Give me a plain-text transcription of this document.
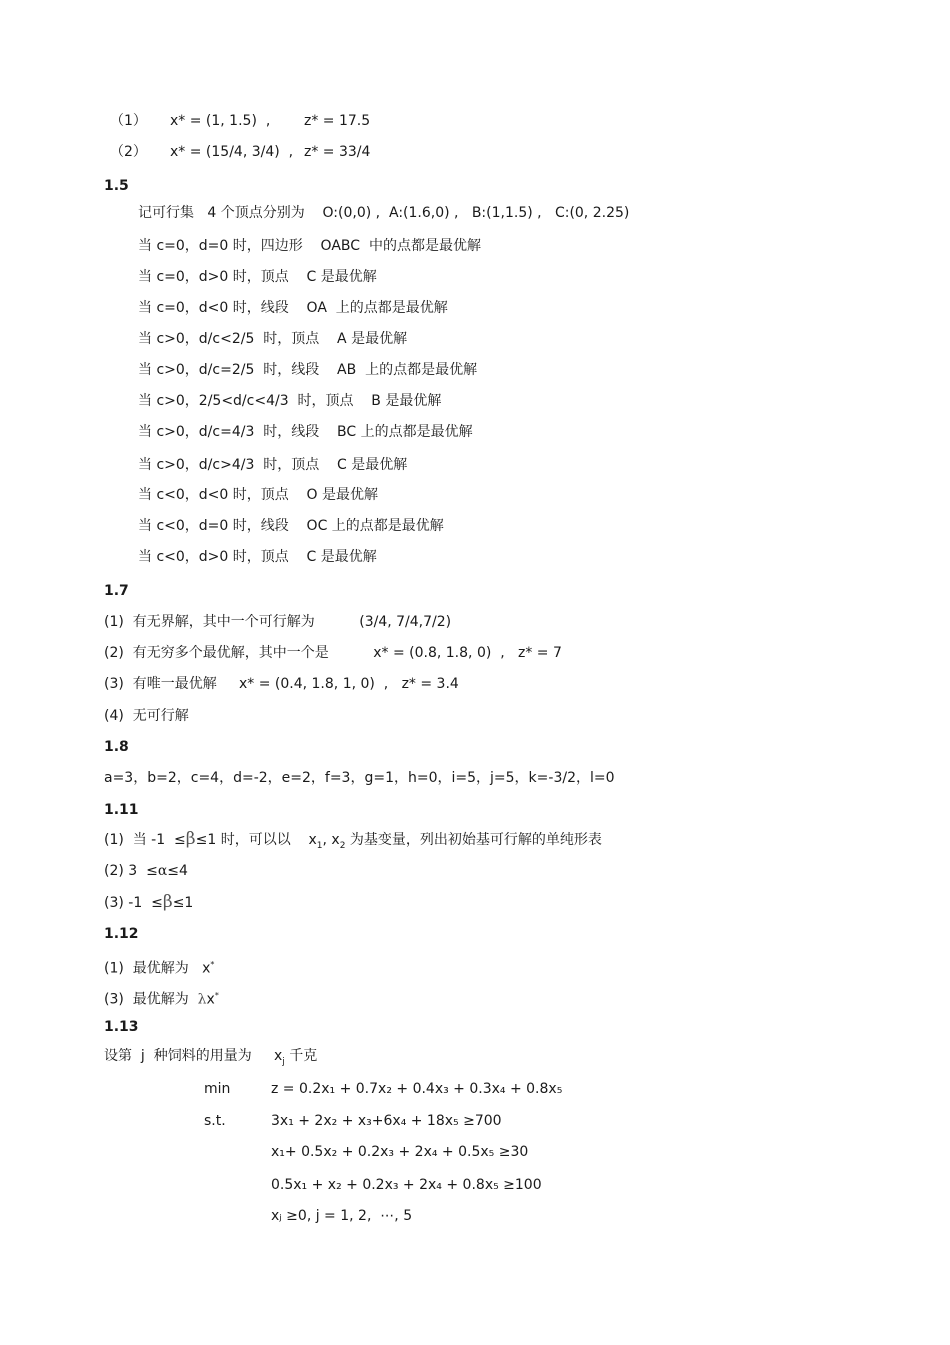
（1） x* = (1, 1.5)  , z* = 17.5
（2） x* = (15/4, 3/4)  , z* = 33/4
1.5
记可行集   4 个顶点分别为    O:(0,0) ,  A:(1.6,0) ,   B:(1,1.5) ,   C:(0, 2.25)
当 c=0，d=0 时，四边形    OABC  中的点都是最优解
当 c=0，d>0 时，顶点    C 是最优解
当 c=0，d<0 时，线段    OA  上的点都是最优解
当 c>0，d/c<2/5  时，顶点    A 是最优解
当 c>0，d/c=2/5  时，线段    AB  上的点都是最优解
当 c>0，2/5<d/c<4/3  时，顶点    B 是最优解
当 c>0，d/c=4/3  时，线段    BC 上的点都是最优解
当 c>0，d/c>4/3  时，顶点    C 是最优解
当 c<0，d<0 时，顶点    O 是最优解
当 c<0，d=0 时，线段    OC 上的点都是最优解
当 c<0，d>0 时，顶点    C 是最优解
1.7
(1)  有无界解，其中一个可行解为          (3/4, 7/4,7/2)
(2)  有无穷多个最优解，其中一个是          x* = (0.8, 1.8, 0)  ,   z* = 7
(3)  有唯一最优解     x* = (0.4, 1.8, 1, 0)  ,   z* = 3.4
(4)  无可行解
1.8
a=3，b=2，c=4，d=-2，e=2，f=3，g=1，h=0，i=5，j=5，k=-3/2，l=0
1.11
(1)  当 -1  ≤β≤1 时，可以以    $x_1$, $x_2$ 为基变量，列出初始基可行解的单纯形表
(2) 3  ≤α≤4
(3) -1  ≤β≤1
1.12
(1)  最优解为   x*
(3)  最优解为  λx*
1.13
设第  j  种饲料的用量为     $x_j$ 千克
min	z = 0.2x₁ + 0.7x₂ + 0.4x₃ + 0.3x₄ + 0.8x₅
s.t.	3x₁ + 2x₂ + x₃+6x₄ + 18x₅ ≥700
x₁+ 0.5x₂ + 0.2x₃ + 2x₄ + 0.5x₅ ≥30
0.5x₁ + x₂ + 0.2x₃ + 2x₄ + 0.8x₅ ≥100
xⱼ ≥0, j = 1, 2,  ⋯, 5
